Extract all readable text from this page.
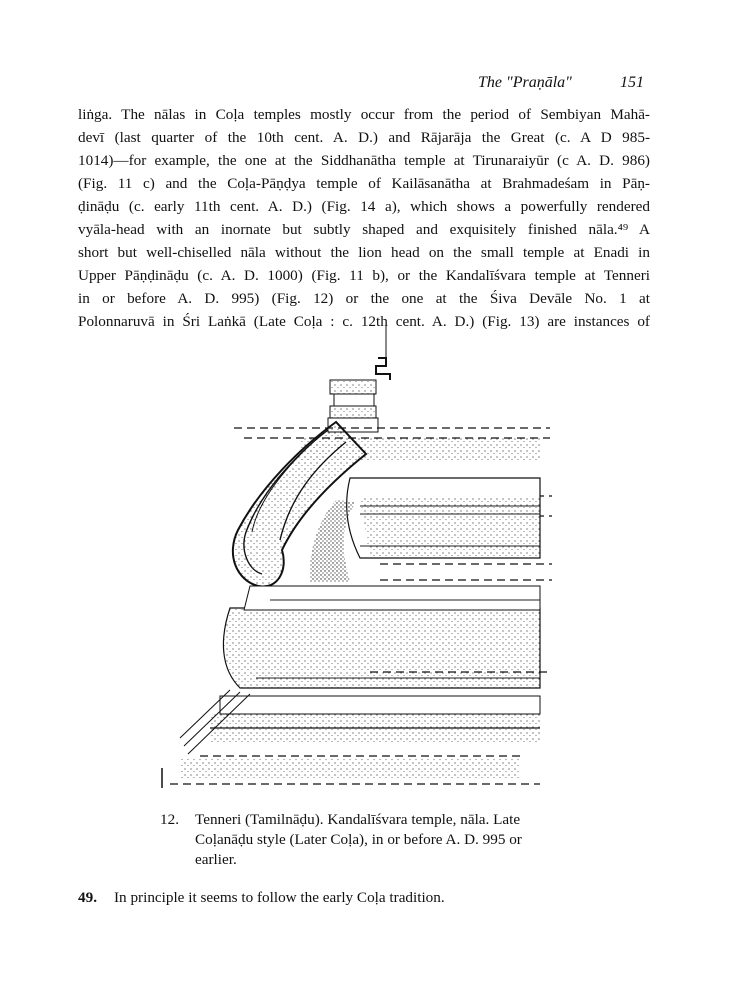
The "Praṇāla"	151
liṅga. The nālas in Coḷa temples mostly occur from the period of Sembiyan Mahā-
devī (last quarter of the 10th cent. A. D.) and Rājarāja the Great (c. A D 985-
1014)—for example, the one at the Siddhanātha temple at Tirunaraiyūr (c A. D. 986)
(Fig. 11 c) and the Coḷa-Pāṇḍya temple of Kailāsanātha at Brahmadeśam in Pāṇ-
ḍināḍu (c. early 11th cent. A. D.) (Fig. 14 a), which shows a powerfully rendered
vyāla-head with an inornate but subtly shaped and exquisitely finished nāla.⁴⁹ A
short but well-chiselled nāla without the lion head on the small temple at Enadi in
Upper Pāṇḍināḍu (c. A. D. 1000) (Fig. 11 b), or the Kandalīśvara temple at Tenneri
in or before A. D. 995) (Fig. 12) or the one at the Śiva Devāle No. 1 at
Polonnaruvā in Śri Laṅkā (Late Coḷa : c. 12th cent. A. D.) (Fig. 13) are instances of
12. Tenneri (Tamilnāḍu). Kandalīśvara temple, nāla. Late
Coḷanāḍu style (Later Coḷa), in or before A. D. 995 or
earlier.
49. In principle it seems to follow the early Coḷa tradition.
